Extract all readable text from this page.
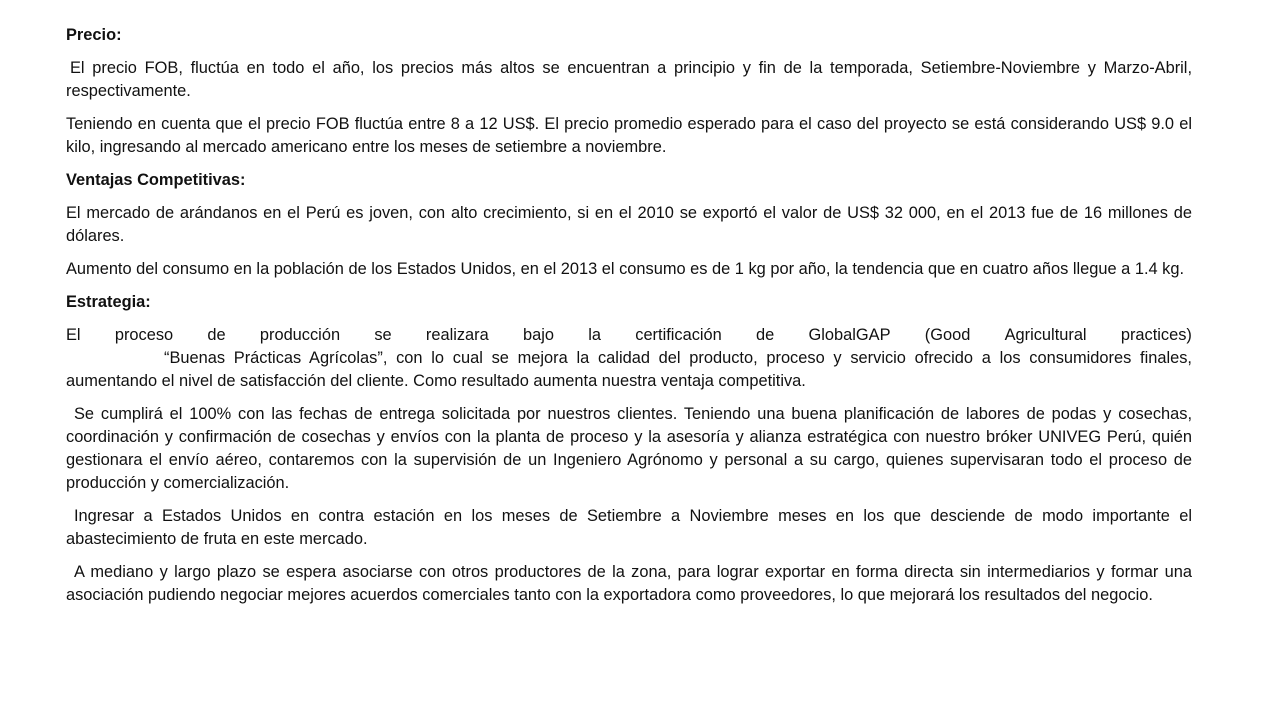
Precio:

El precio FOB, fluctúa en todo el año, los precios más altos se encuentran a principio y fin de la temporada, Setiembre-Noviembre y Marzo-Abril, respectivamente.

Teniendo en cuenta que el precio FOB fluctúa entre 8 a 12 US$. El precio promedio esperado para el caso del proyecto se está considerando US$ 9.0 el kilo, ingresando al mercado americano entre los meses de setiembre a noviembre.

Ventajas Competitivas:

El mercado de arándanos en el Perú es joven, con alto crecimiento, si en el 2010 se exportó el valor de US$ 32 000, en el 2013 fue de 16 millones de dólares.

Aumento del consumo en la población de los Estados Unidos, en el 2013 el consumo es de 1 kg por año, la tendencia que en cuatro años llegue a 1.4 kg.

Estrategia:
El proceso de producción se realizara bajo la certificación de GlobalGAP (Good Agricultural practices)

“Buenas Prácticas Agrícolas”, con lo cual se mejora la calidad del producto, proceso y servicio ofrecido a los consumidores finales, aumentando el nivel de satisfacción del cliente. Como resultado aumenta nuestra ventaja competitiva.

Se cumplirá el 100% con las fechas de entrega solicitada por nuestros clientes. Teniendo una buena planificación de labores de podas y cosechas, coordinación y confirmación de cosechas y envíos con la planta de proceso y la asesoría y alianza estratégica con nuestro bróker UNIVEG Perú, quién gestionara el envío aéreo, contaremos con la supervisión de un Ingeniero Agrónomo y personal a su cargo, quienes supervisaran todo el proceso de producción y comercialización.

Ingresar a Estados Unidos en contra estación en los meses de Setiembre a Noviembre meses en los que desciende de modo importante el abastecimiento de fruta en este mercado.

A mediano y largo plazo se espera asociarse con otros productores de la zona, para lograr exportar en forma directa sin intermediarios y formar una asociación pudiendo negociar mejores acuerdos comerciales tanto con la exportadora como proveedores, lo que mejorará los resultados del negocio.
